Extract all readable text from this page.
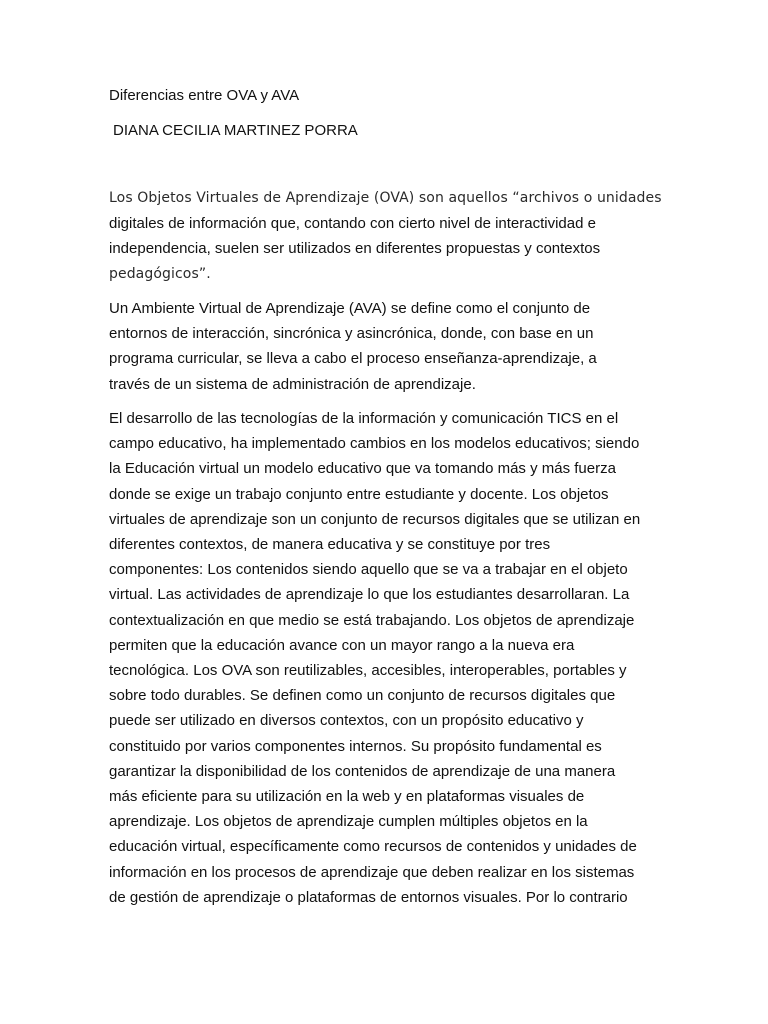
Diferencias entre OVA y AVA

DIANA CECILIA MARTINEZ PORRA

Los Objetos Virtuales de Aprendizaje (OVA) son aquellos “archivos o unidades
digitales de información que, contando con cierto nivel de interactividad e
independencia, suelen ser utilizados en diferentes propuestas y contextos
pedagógicos”.

Un Ambiente Virtual de Aprendizaje (AVA) se define como el conjunto de
entornos de interacción, sincrónica y asincrónica, donde, con base en un
programa curricular, se lleva a cabo el proceso enseñanza-aprendizaje, a
través de un sistema de administración de aprendizaje.

El desarrollo de las tecnologías de la información y comunicación TICS en el
campo educativo, ha implementado cambios en los modelos educativos; siendo
la Educación virtual un modelo educativo que va tomando más y más fuerza
donde se exige un trabajo conjunto entre estudiante y docente. Los objetos
virtuales de aprendizaje son un conjunto de recursos digitales que se utilizan en
diferentes contextos, de manera educativa y se constituye por tres
componentes: Los contenidos siendo aquello que se va a trabajar en el objeto
virtual. Las actividades de aprendizaje lo que los estudiantes desarrollaran. La
contextualización en que medio se está trabajando. Los objetos de aprendizaje
permiten que la educación avance con un mayor rango a la nueva era
tecnológica. Los OVA son reutilizables, accesibles, interoperables, portables y
sobre todo durables. Se definen como un conjunto de recursos digitales que
puede ser utilizado en diversos contextos, con un propósito educativo y
constituido por varios componentes internos. Su propósito fundamental es
garantizar la disponibilidad de los contenidos de aprendizaje de una manera
más eficiente para su utilización en la web y en plataformas visuales de
aprendizaje. Los objetos de aprendizaje cumplen múltiples objetos en la
educación virtual, específicamente como recursos de contenidos y unidades de
información en los procesos de aprendizaje que deben realizar en los sistemas
de gestión de aprendizaje o plataformas de entornos visuales. Por lo contrario
